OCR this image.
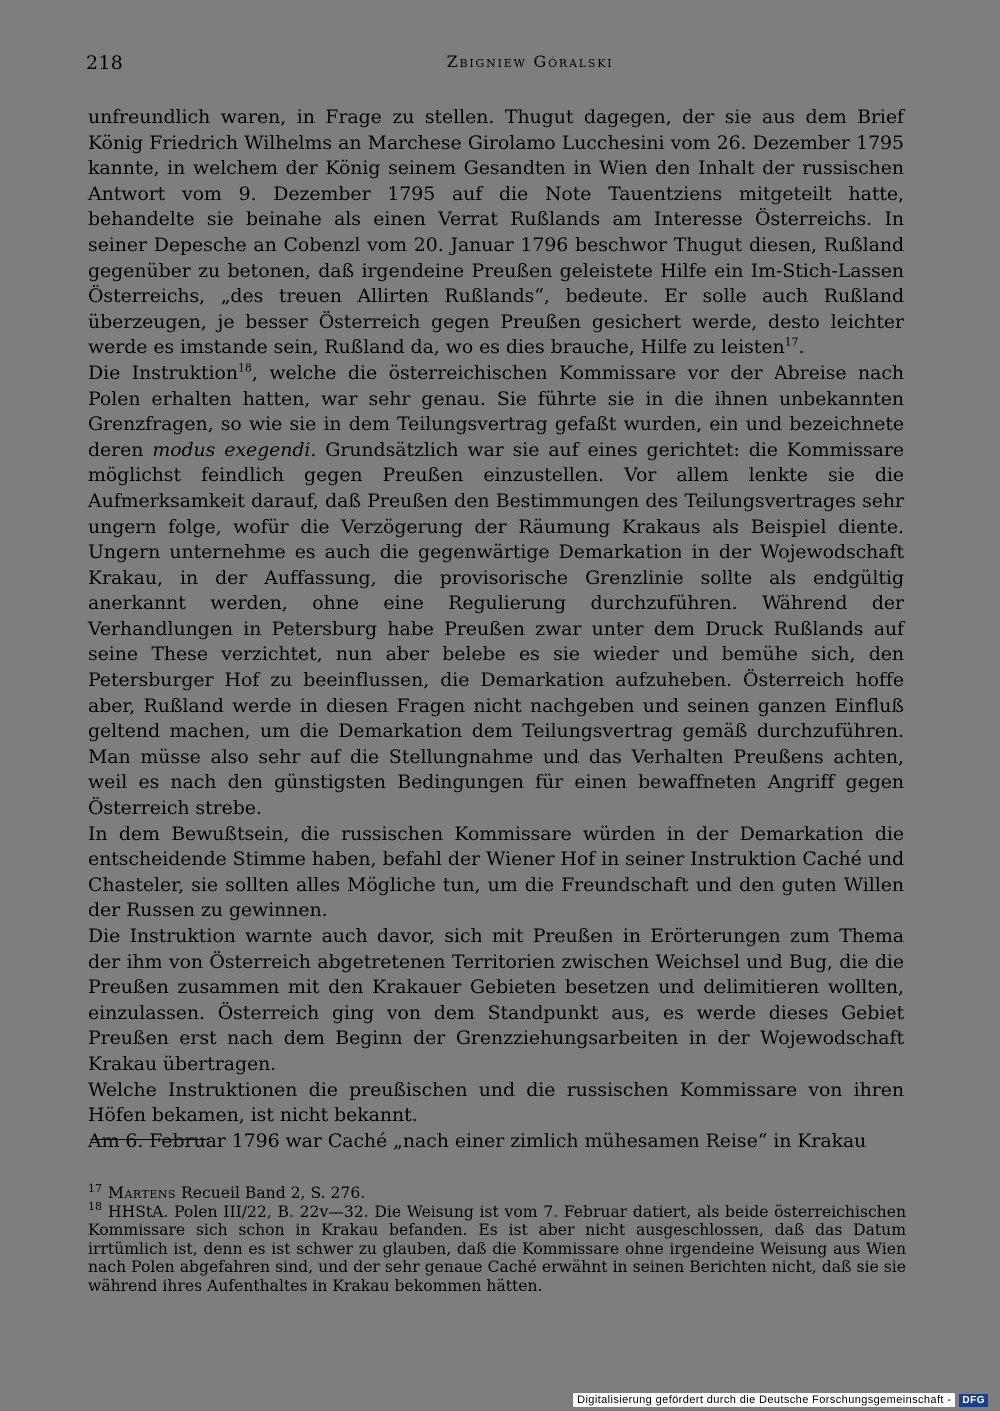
218	Zbigniew Góralski

unfreundlich waren, in Frage zu stellen. Thugut dagegen, der sie aus dem Brief König Friedrich Wilhelms an Marchese Girolamo Lucchesini vom 26. Dezember 1795 kannte, in welchem der König seinem Gesandten in Wien den Inhalt der russischen Antwort vom 9. Dezember 1795 auf die Note Tauentziens mitgeteilt hatte, behandelte sie beinahe als einen Verrat Rußlands am Interesse Österreichs. In seiner Depesche an Cobenzl vom 20. Januar 1796 beschwor Thugut diesen, Rußland gegenüber zu betonen, daß irgendeine Preußen geleistete Hilfe ein Im-Stich-Lassen Österreichs, „des treuen Allirten Rußlands“, bedeute. Er solle auch Rußland überzeugen, je besser Österreich gegen Preußen gesichert werde, desto leichter werde es imstande sein, Rußland da, wo es dies brauche, Hilfe zu leisten$^{17}$.

Die Instruktion$^{18}$, welche die österreichischen Kommissare vor der Abreise nach Polen erhalten hatten, war sehr genau. Sie führte sie in die ihnen unbekannten Grenzfragen, so wie sie in dem Teilungsvertrag gefaßt wurden, ein und bezeichnete deren modus exegendi. Grundsätzlich war sie auf eines gerichtet: die Kommissare möglichst feindlich gegen Preußen einzustellen. Vor allem lenkte sie die Aufmerksamkeit darauf, daß Preußen den Bestimmungen des Teilungsvertrages sehr ungern folge, wofür die Verzögerung der Räumung Krakaus als Beispiel diente. Ungern unternehme es auch die gegenwärtige Demarkation in der Wojewodschaft Krakau, in der Auffassung, die provisorische Grenzlinie sollte als endgültig anerkannt werden, ohne eine Regulierung durchzuführen. Während der Verhandlungen in Petersburg habe Preußen zwar unter dem Druck Rußlands auf seine These verzichtet, nun aber belebe es sie wieder und bemühe sich, den Petersburger Hof zu beeinflussen, die Demarkation aufzuheben. Österreich hoffe aber, Rußland werde in diesen Fragen nicht nachgeben und seinen ganzen Einfluß geltend machen, um die Demarkation dem Teilungsvertrag gemäß durchzuführen. Man müsse also sehr auf die Stellungnahme und das Verhalten Preußens achten, weil es nach den günstigsten Bedingungen für einen bewaffneten Angriff gegen Österreich strebe.

In dem Bewußtsein, die russischen Kommissare würden in der Demarkation die entscheidende Stimme haben, befahl der Wiener Hof in seiner Instruktion Caché und Chasteler, sie sollten alles Mögliche tun, um die Freundschaft und den guten Willen der Russen zu gewinnen.

Die Instruktion warnte auch davor, sich mit Preußen in Erörterungen zum Thema der ihm von Österreich abgetretenen Territorien zwischen Weichsel und Bug, die die Preußen zusammen mit den Krakauer Gebieten besetzen und delimitieren wollten, einzulassen. Österreich ging von dem Standpunkt aus, es werde dieses Gebiet Preußen erst nach dem Beginn der Grenzziehungsarbeiten in der Wojewodschaft Krakau übertragen.

Welche Instruktionen die preußischen und die russischen Kommissare von ihren Höfen bekamen, ist nicht bekannt.

Am 6. Februar 1796 war Caché „nach einer zimlich mühesamen Reise“ in Krakau

$^{17}$ Martens Recueil Band 2, S. 276.

$^{18}$ HHStA. Polen III/22, B. 22v—32. Die Weisung ist vom 7. Februar datiert, als beide österreichischen Kommissare sich schon in Krakau befanden. Es ist aber nicht ausgeschlossen, daß das Datum irrtümlich ist, denn es ist schwer zu glauben, daß die Kommissare ohne irgendeine Weisung aus Wien nach Polen abgefahren sind, und der sehr genaue Caché erwähnt in seinen Berichten nicht, daß sie sie während ihres Aufenthaltes in Krakau bekommen hätten.

Digitalisierung gefördert durch die Deutsche Forschungsgemeinschaft -	DFG
